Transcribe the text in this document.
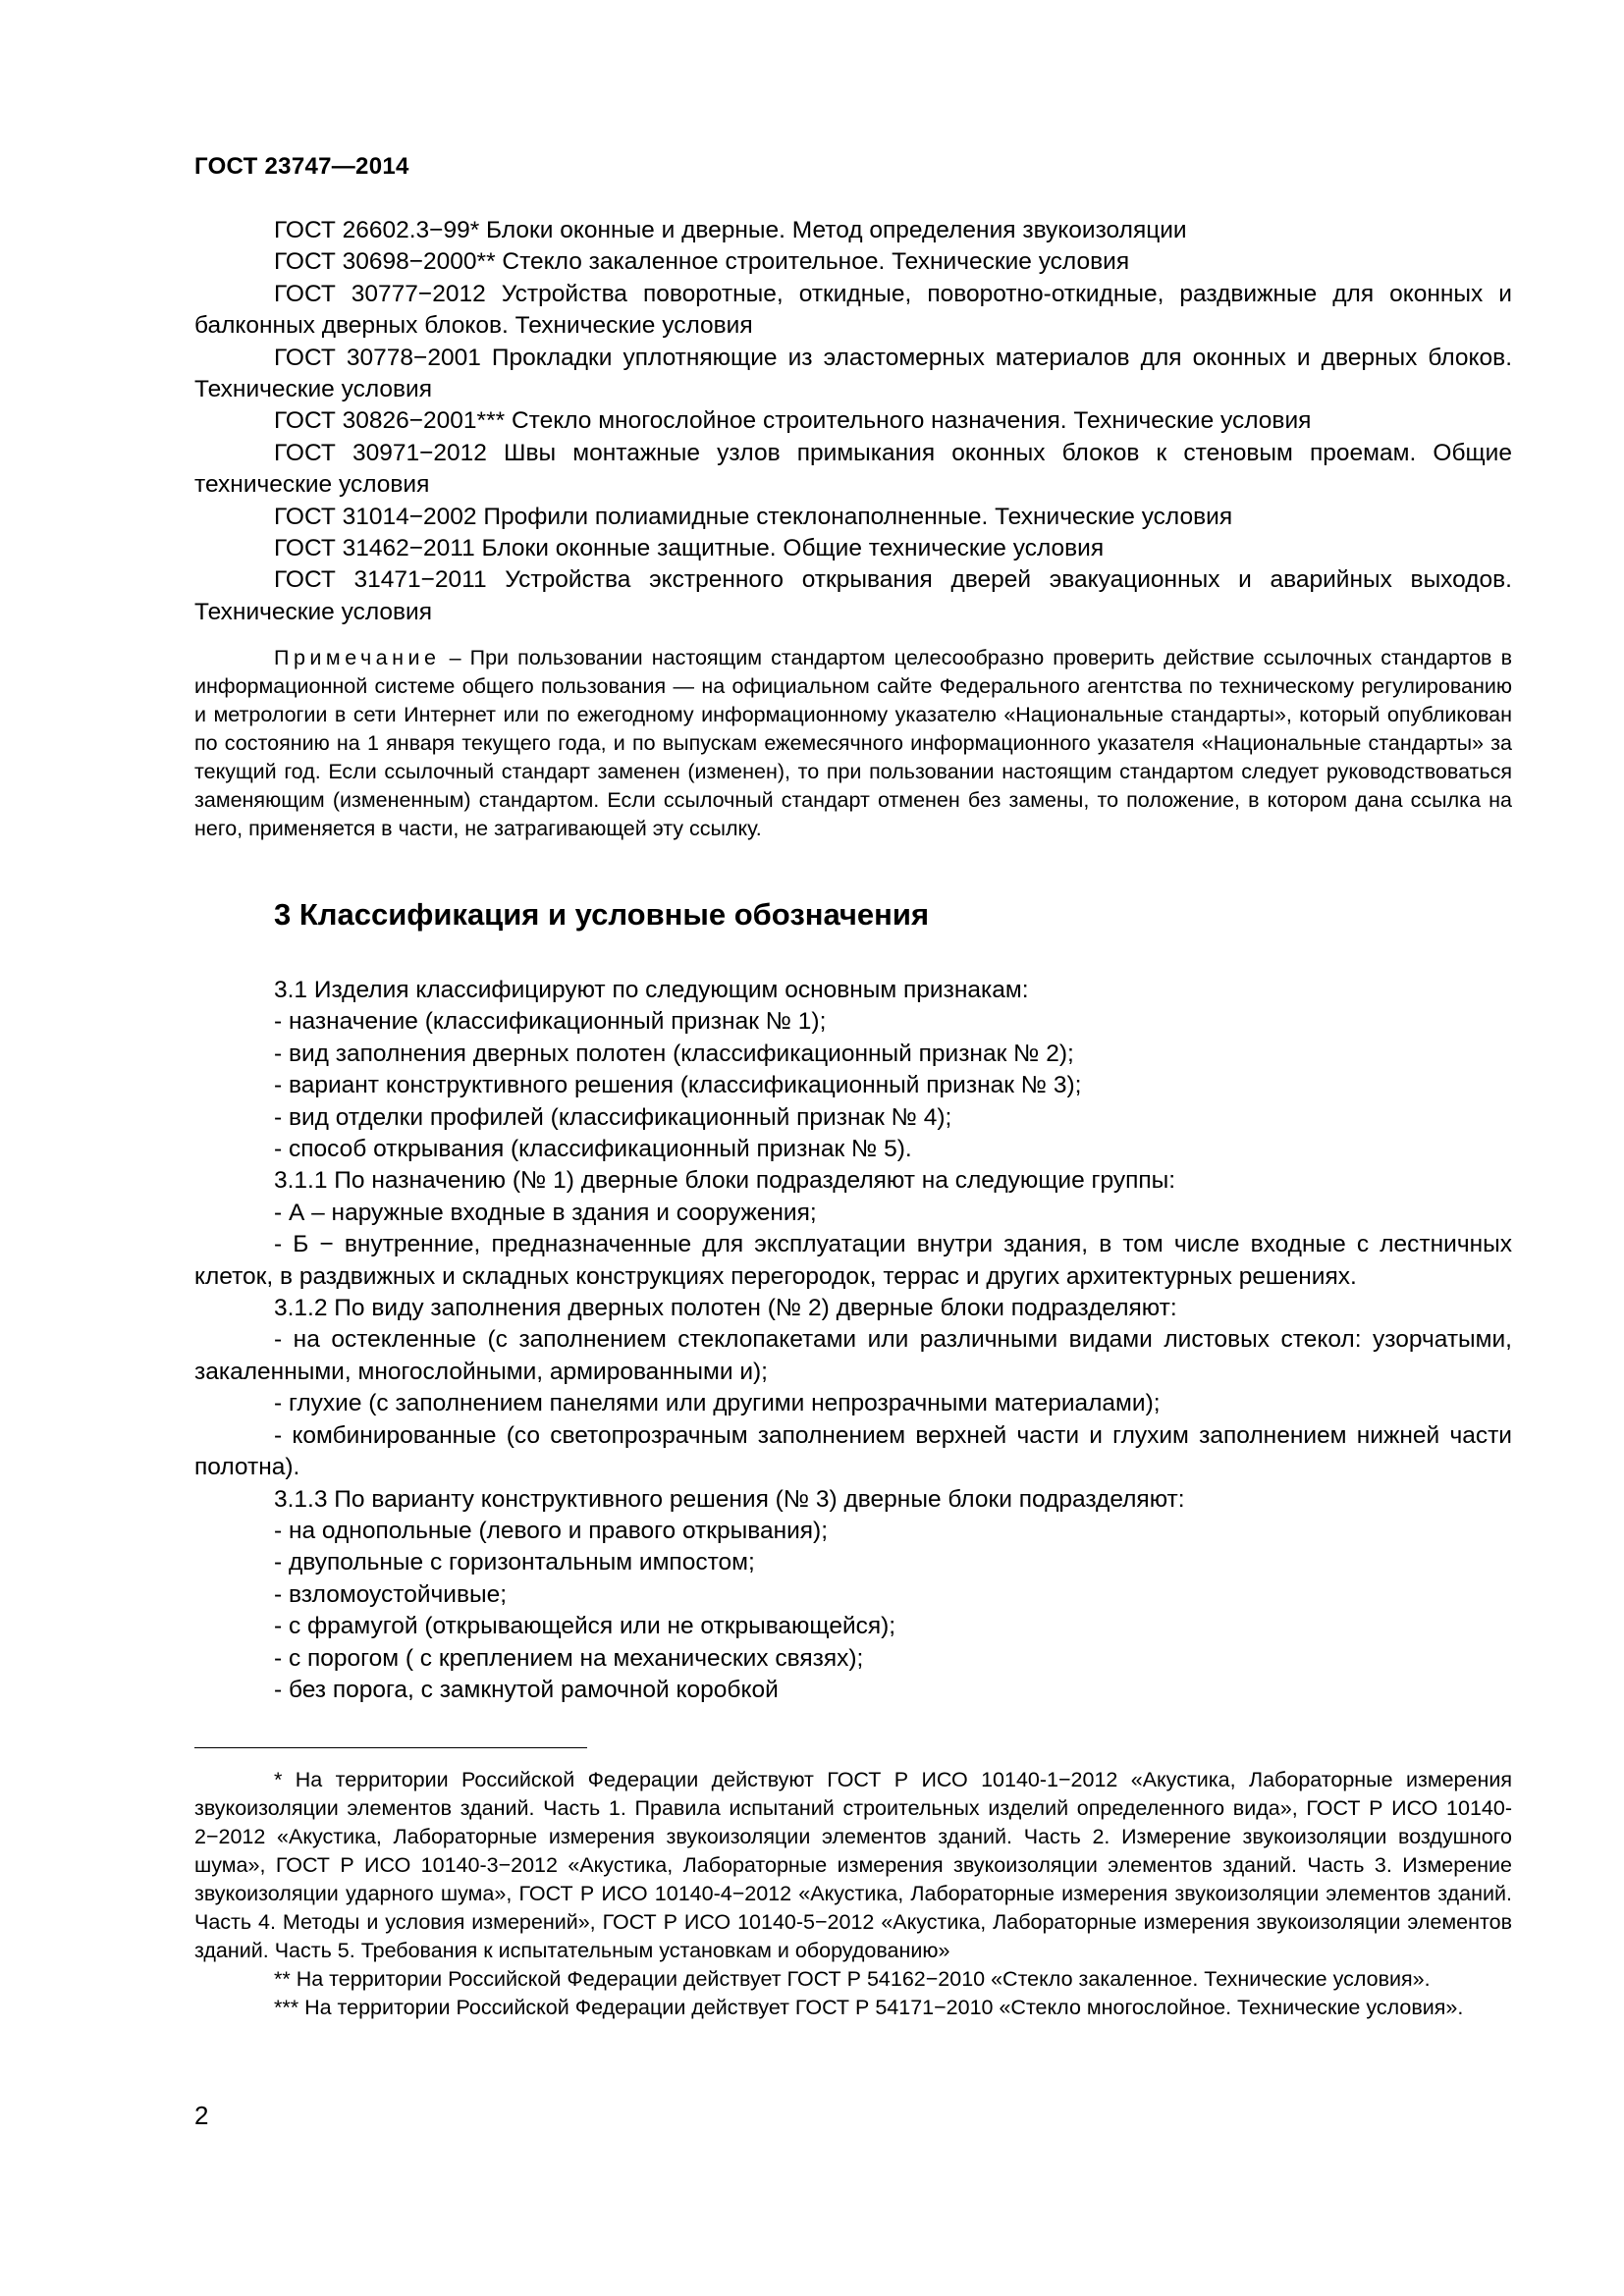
ГОСТ 23747—2014

ГОСТ 26602.3−99* Блоки оконные и дверные. Метод определения звукоизоляции

ГОСТ 30698−2000** Стекло закаленное строительное. Технические условия

ГОСТ 30777−2012 Устройства поворотные, откидные, поворотно-откидные, раздвижные для оконных и балконных дверных блоков. Технические условия

ГОСТ 30778−2001 Прокладки уплотняющие из эластомерных материалов для оконных и дверных блоков. Технические условия

ГОСТ 30826−2001*** Стекло многослойное строительного назначения. Технические условия

ГОСТ 30971−2012 Швы монтажные узлов примыкания оконных блоков к стеновым проемам. Общие технические условия

ГОСТ 31014−2002 Профили полиамидные стеклонаполненные. Технические условия

ГОСТ 31462−2011 Блоки оконные защитные. Общие технические условия

ГОСТ 31471−2011 Устройства экстренного открывания дверей эвакуационных и аварийных выходов. Технические условия

Примечание – При пользовании настоящим стандартом целесообразно проверить действие ссылочных стандартов в информационной системе общего пользования — на официальном сайте Федерального агентства по техническому регулированию и метрологии в сети Интернет или по ежегодному информационному указателю «Национальные стандарты», который опубликован по состоянию на 1 января текущего года, и по выпускам ежемесячного информационного указателя «Национальные стандарты» за текущий год. Если ссылочный стандарт заменен (изменен), то при пользовании настоящим стандартом следует руководствоваться заменяющим (измененным) стандартом. Если ссылочный стандарт отменен без замены, то положение, в котором дана ссылка на него, применяется в части, не затрагивающей эту ссылку.

3 Классификация и условные обозначения

3.1 Изделия классифицируют по следующим основным признакам:

- назначение (классификационный признак № 1);

- вид заполнения дверных полотен (классификационный признак № 2);

- вариант конструктивного решения (классификационный признак № 3);

- вид отделки профилей (классификационный признак № 4);

- способ открывания (классификационный признак № 5).

3.1.1 По назначению (№ 1) дверные блоки подразделяют на следующие группы:

- А – наружные входные в здания и сооружения;

- Б − внутренние, предназначенные для эксплуатации внутри здания, в том числе входные с лестничных клеток, в раздвижных и складных конструкциях перегородок, террас и других архитектурных решениях.

3.1.2 По виду заполнения дверных полотен (№ 2) дверные блоки подразделяют:

- на остекленные (с заполнением стеклопакетами или различными видами листовых стекол: узорчатыми, закаленными, многослойными, армированными и);

- глухие (с заполнением панелями или другими непрозрачными материалами);

- комбинированные (со светопрозрачным заполнением верхней части и глухим заполнением нижней части полотна).

3.1.3 По варианту конструктивного решения (№ 3) дверные блоки подразделяют:

- на однопольные (левого и правого открывания);

- двупольные с горизонтальным импостом;

- взломоустойчивые;

- с фрамугой (открывающейся или не открывающейся);

- с порогом ( с креплением на механических связях);

- без порога, с замкнутой рамочной коробкой

* На территории Российской Федерации действуют ГОСТ Р ИСО 10140-1−2012 «Акустика, Лабораторные измерения звукоизоляции элементов зданий. Часть 1. Правила испытаний строительных изделий определенного вида», ГОСТ Р ИСО 10140-2−2012 «Акустика, Лабораторные измерения звукоизоляции элементов зданий. Часть 2. Измерение звукоизоляции воздушного шума», ГОСТ Р ИСО 10140-3−2012 «Акустика, Лабораторные измерения звукоизоляции элементов зданий. Часть 3. Измерение звукоизоляции ударного шума», ГОСТ Р ИСО 10140-4−2012 «Акустика, Лабораторные измерения звукоизоляции элементов зданий. Часть 4. Методы и условия измерений», ГОСТ Р ИСО 10140-5−2012 «Акустика, Лабораторные измерения звукоизоляции элементов зданий. Часть 5. Требования к испытательным установкам и оборудованию»

** На территории Российской Федерации действует ГОСТ Р 54162−2010 «Стекло закаленное. Технические условия».

*** На территории Российской Федерации действует ГОСТ Р 54171−2010 «Стекло многослойное. Технические условия».

2
